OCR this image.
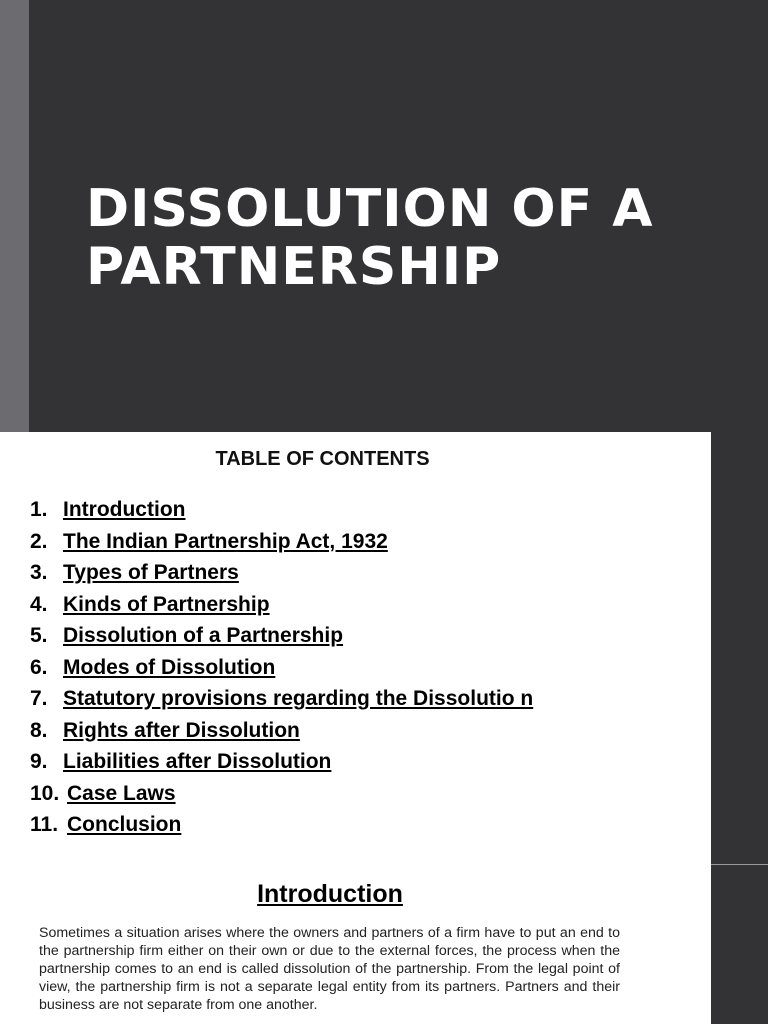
DISSOLUTION OF A PARTNERSHIP
TABLE OF CONTENTS
1. Introduction
2. The Indian Partnership Act, 1932
3. Types of Partners
4. Kinds of Partnership
5. Dissolution of a Partnership
6. Modes of Dissolution
7. Statutory provisions regarding the Dissolutio n
8. Rights after Dissolution
9. Liabilities after Dissolution
10. Case Laws
11. Conclusion
Introduction

Sometimes a situation arises where the owners and partners of a firm have to put an end to the partnership firm either on their own or due to the external forces, the process when the partnership comes to an end is called dissolution of the partnership. From the legal point of view, the partnership firm is not a separate legal entity from its partners. Partners and their business are not separate from one another.
